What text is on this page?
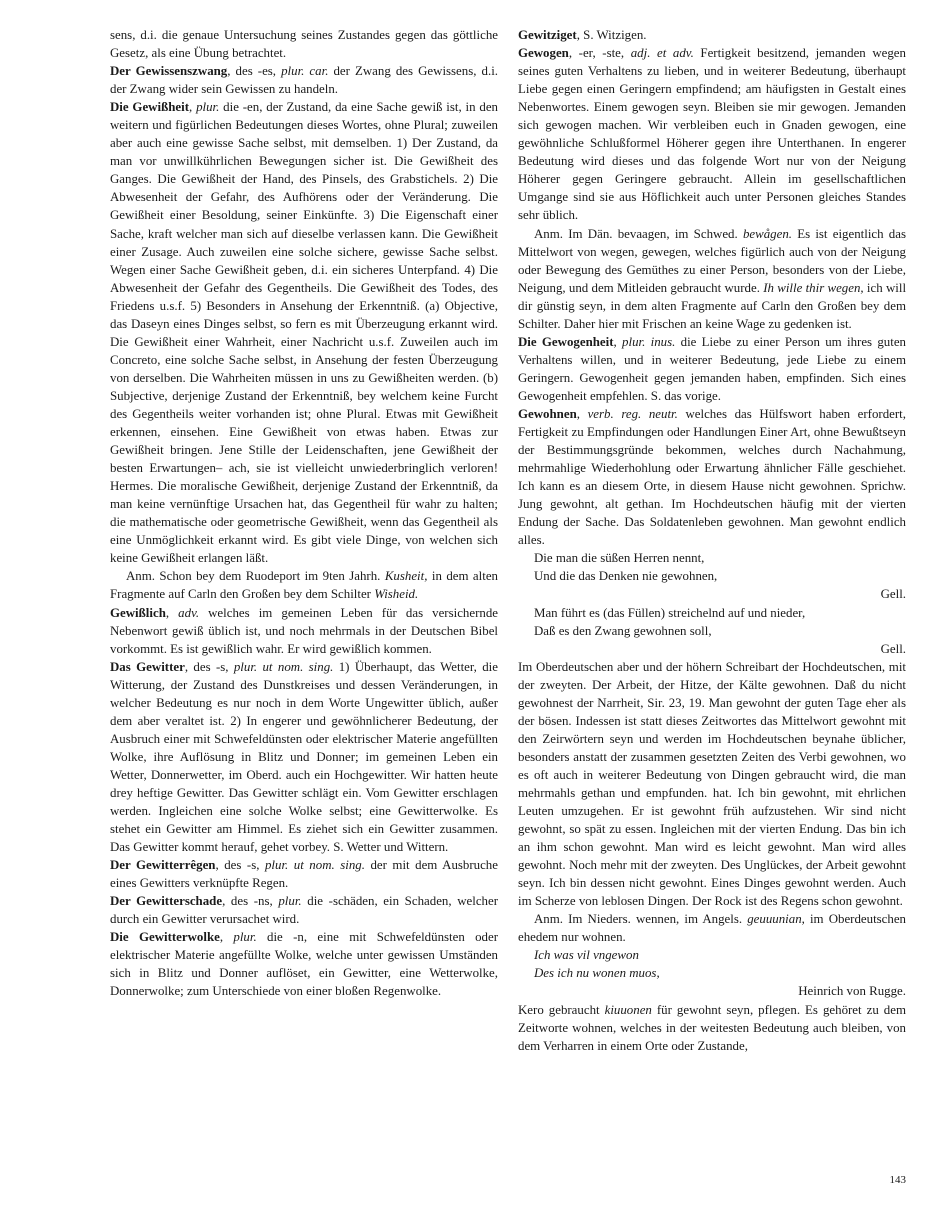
sens, d.i. die genaue Untersuchung seines Zustandes gegen das göttliche Gesetz, als eine Übung betrachtet.

Der Gewissenszwang, des -es, plur. car. der Zwang des Gewissens, d.i. der Zwang wider sein Gewissen zu handeln.

Die Gewißheit, plur. die -en, der Zustand, da eine Sache gewiß ist, in den weitern und figürlichen Bedeutungen dieses Wortes, ohne Plural; zuweilen aber auch eine gewisse Sache selbst, mit demselben. 1) Der Zustand, da man vor unwillkührlichen Bewegungen sicher ist. Die Gewißheit des Ganges. Die Gewißheit der Hand, des Pinsels, des Grabstichels. 2) Die Abwesenheit der Gefahr, des Aufhörens oder der Veränderung. Die Gewißheit einer Besoldung, seiner Einkünfte. 3) Die Eigenschaft einer Sache, kraft welcher man sich auf dieselbe verlassen kann. Die Gewißheit einer Zusage. Auch zuweilen eine solche sichere, gewisse Sache selbst. Wegen einer Sache Gewißheit geben, d.i. ein sicheres Unterpfand. 4) Die Abwesenheit der Gefahr des Gegentheils. Die Gewißheit des Todes, des Friedens u.s.f. 5) Besonders in Ansehung der Erkenntniß. (a) Objective, das Daseyn eines Dinges selbst, so fern es mit Überzeugung erkannt wird. Die Gewißheit einer Wahrheit, einer Nachricht u.s.f. Zuweilen auch im Concreto, eine solche Sache selbst, in Ansehung der festen Überzeugung von derselben. Die Wahrheiten müssen in uns zu Gewißheiten werden. (b) Subjective, derjenige Zustand der Erkenntniß, bey welchem keine Furcht des Gegentheils weiter vorhanden ist; ohne Plural. Etwas mit Gewißheit erkennen, einsehen. Eine Gewißheit von etwas haben. Etwas zur Gewißheit bringen. Jene Stille der Leidenschaften, jene Gewißheit der besten Erwartungen– ach, sie ist vielleicht unwiederbringlich verloren! Hermes. Die moralische Gewißheit, derjenige Zustand der Erkenntniß, da man keine vernünftige Ursachen hat, das Gegentheil für wahr zu halten; die mathematische oder geometrische Gewißheit, wenn das Gegentheil als eine Unmöglichkeit erkannt wird. Es gibt viele Dinge, von welchen sich keine Gewißheit erlangen läßt.

Anm. Schon bey dem Ruodeport im 9ten Jahrh. Kusheit, in dem alten Fragmente auf Carln den Großen bey dem Schilter Wisheid.

Gewißlich, adv. welches im gemeinen Leben für das versichernde Nebenwort gewiß üblich ist, und noch mehrmals in der Deutschen Bibel vorkommt. Es ist gewißlich wahr. Er wird gewißlich kommen.

Das Gewitter, des -s, plur. ut nom. sing. 1) Überhaupt, das Wetter, die Witterung, der Zustand des Dunstkreises und dessen Veränderungen, in welcher Bedeutung es nur noch in dem Worte Ungewitter üblich, außer dem aber veraltet ist. 2) In engerer und gewöhnlicherer Bedeutung, der Ausbruch einer mit Schwefeldünsten oder elektrischer Materie angefüllten Wolke, ihre Auflösung in Blitz und Donner; im gemeinen Leben ein Wetter, Donnerwetter, im Oberd. auch ein Hochgewitter. Wir hatten heute drey heftige Gewitter. Das Gewitter schlägt ein. Vom Gewitter erschlagen werden. Ingleichen eine solche Wolke selbst; eine Gewitterwolke. Es stehet ein Gewitter am Himmel. Es ziehet sich ein Gewitter zusammen. Das Gewitter kommt herauf, gehet vorbey. S. Wetter und Wittern.

Der Gewitterrêgen, des -s, plur. ut nom. sing. der mit dem Ausbruche eines Gewitters verknüpfte Regen.

Der Gewitterschade, des -ns, plur. die -schäden, ein Schaden, welcher durch ein Gewitter verursachet wird.

Die Gewitterwolke, plur. die -n, eine mit Schwefeldünsten oder elektrischer Materie angefüllte Wolke, welche unter gewissen Umständen sich in Blitz und Donner auflöset, ein Gewitter, eine Wetterwolke, Donnerwolke; zum Unterschiede von einer bloßen Regenwolke.

Gewitziget, S. Witzigen.

Gewogen, -er, -ste, adj. et adv. Fertigkeit besitzend, jemanden wegen seines guten Verhaltens zu lieben, und in weiterer Bedeutung, überhaupt Liebe gegen einen Geringern empfindend; am häufigsten in Gestalt eines Nebenwortes. Einem gewogen seyn. Bleiben sie mir gewogen. Jemanden sich gewogen machen. Wir verbleiben euch in Gnaden gewogen, eine gewöhnliche Schlußformel Höherer gegen ihre Unterthanen. In engerer Bedeutung wird dieses und das folgende Wort nur von der Neigung Höherer gegen Geringere gebraucht. Allein im gesellschaftlichen Umgange sind sie aus Höflichkeit auch unter Personen gleiches Standes sehr üblich.

Anm. Im Dän. bevaagen, im Schwed. bewågen. Es ist eigentlich das Mittelwort von wegen, gewegen, welches figürlich auch von der Neigung oder Bewegung des Gemüthes zu einer Person, besonders von der Liebe, Neigung, und dem Mitleiden gebraucht wurde. Ih wille thir wegen, ich will dir günstig seyn, in dem alten Fragmente auf Carln den Großen bey dem Schilter. Daher hier mit Frischen an keine Wage zu gedenken ist.

Die Gewogenheit, plur. inus. die Liebe zu einer Person um ihres guten Verhaltens willen, und in weiterer Bedeutung, jede Liebe zu einem Geringern. Gewogenheit gegen jemanden haben, empfinden. Sich eines Gewogenheit empfehlen. S. das vorige.

Gewohnen, verb. reg. neutr. welches das Hülfswort haben erfordert, Fertigkeit zu Empfindungen oder Handlungen Einer Art, ohne Bewußtseyn der Bestimmungsgründe bekommen, welches durch Nachahmung, mehrmahlige Wiederhohlung oder Erwartung ähnlicher Fälle geschiehet. Ich kann es an diesem Orte, in diesem Hause nicht gewohnen. Sprichw. Jung gewohnt, alt gethan. Im Hochdeutschen häufig mit der vierten Endung der Sache. Das Soldatenleben gewohnen. Man gewohnt endlich alles.

Die man die süßen Herren nennt,

Und die das Denken nie gewohnen,

Gell.

Man führt es (das Füllen) streichelnd auf und nieder,

Daß es den Zwang gewohnen soll,

Gell.

Im Oberdeutschen aber und der höhern Schreibart der Hochdeutschen, mit der zweyten. Der Arbeit, der Hitze, der Kälte gewohnen. Daß du nicht gewohnest der Narrheit, Sir. 23, 19. Man gewohnt der guten Tage eher als der bösen. Indessen ist statt dieses Zeitwortes das Mittelwort gewohnt mit den Zeirwörtern seyn und werden im Hochdeutschen beynahe üblicher, besonders anstatt der zusammen gesetzten Zeiten des Verbi gewohnen, wo es oft auch in weiterer Bedeutung von Dingen gebraucht wird, die man mehrmahls gethan und empfunden. hat. Ich bin gewohnt, mit ehrlichen Leuten umzugehen. Er ist gewohnt früh aufzustehen. Wir sind nicht gewohnt, so spät zu essen. Ingleichen mit der vierten Endung. Das bin ich an ihm schon gewohnt. Man wird es leicht gewohnt. Man wird alles gewohnt. Noch mehr mit der zweyten. Des Unglückes, der Arbeit gewohnt seyn. Ich bin dessen nicht gewohnt. Eines Dinges gewohnt werden. Auch im Scherze von leblosen Dingen. Der Rock ist des Regens schon gewohnt.

Anm. Im Nieders. wennen, im Angels. geuuunian, im Oberdeutschen ehedem nur wohnen.

Ich was vil vngewon

Des ich nu wonen muos,

Heinrich von Rugge.

Kero gebraucht kiuuonen für gewohnt seyn, pflegen. Es gehöret zu dem Zeitworte wohnen, welches in der weitesten Bedeutung auch bleiben, von dem Verharren in einem Orte oder Zustande,

143
